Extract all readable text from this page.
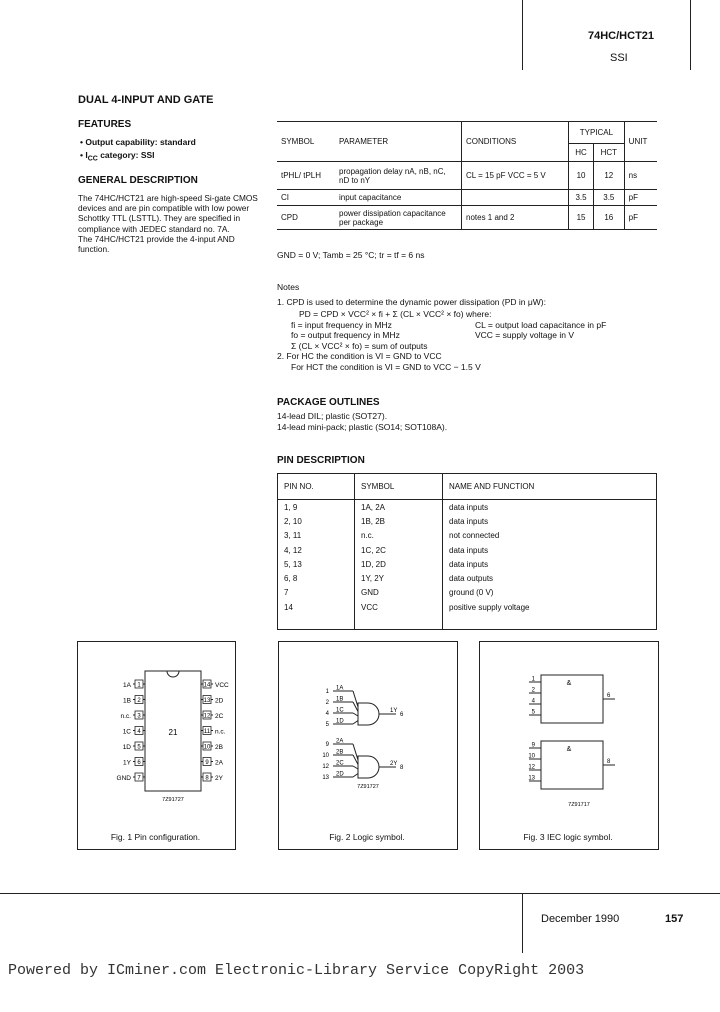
74HC/HCT21
SSI
DUAL 4-INPUT AND GATE
FEATURES
• Output capability: standard
• $I_{CC}$ category: SSI
GENERAL DESCRIPTION
The 74HC/HCT21 are high-speed Si-gate CMOS devices and are pin compatible with low power Schottky TTL (LSTTL). They are specified in compliance with JEDEC standard no. 7A.
The 74HC/HCT21 provide the 4-input AND function.
SYMBOL	PARAMETER	CONDITIONS	TYPICAL		UNIT
			HC	HCT	
tPHL/ tPLH	propagation delay nA, nB, nC, nD to nY	CL = 15 pF VCC = 5 V	10	12	ns
CI	input capacitance		3.5	3.5	pF
CPD	power dissipation capacitance per package	notes 1 and 2	15	16	pF
GND = 0 V; Tamb = 25 °C; tr = tf = 6 ns
Notes
1. CPD is used to determine the dynamic power dissipation (PD in μW):
PD = CPD × VCC² × fi + Σ (CL × VCC² × fo) where:
fi = input frequency in MHz	CL = output load capacitance in pF
fo = output frequency in MHz	VCC = supply voltage in V
Σ (CL × VCC² × fo) = sum of outputs
2. For HC the condition is VI = GND to VCC
For HCT the condition is VI = GND to VCC − 1.5 V
PACKAGE OUTLINES
14-lead DIL; plastic (SOT27).
14-lead mini-pack; plastic (SO14; SOT108A).
PIN DESCRIPTION
PIN NO.	SYMBOL	NAME AND FUNCTION
1, 9	1A, 2A	data inputs
2, 10	1B, 2B	data inputs
3, 11	n.c.	not connected
4, 12	1C, 2C	data inputs
5, 13	1D, 2D	data inputs
6, 8	1Y, 2Y	data outputs
7	GND	ground (0 V)
14	VCC	positive supply voltage

1
1A	14 VCC
2
1B	13 2D
3
n.c.	12 2C
4
1C	11 n.c.
5
1D	10 2B
6
1Y	9 2A
7
GND	8 2Y
21
7Z91727
Fig. 1 Pin configuration.
1
1A
2
1B
4
1C
5
1D
1Y
6
9
2A
10
2B
12
2C
13
2D
2Y
8
7Z91727
Fig. 2 Logic symbol.
&
1
2
4
5
6
&
9
10
12
13
8
7Z91717
Fig. 3 IEC logic symbol.
December 1990	157
Powered by ICminer.com Electronic-Library Service CopyRight 2003
